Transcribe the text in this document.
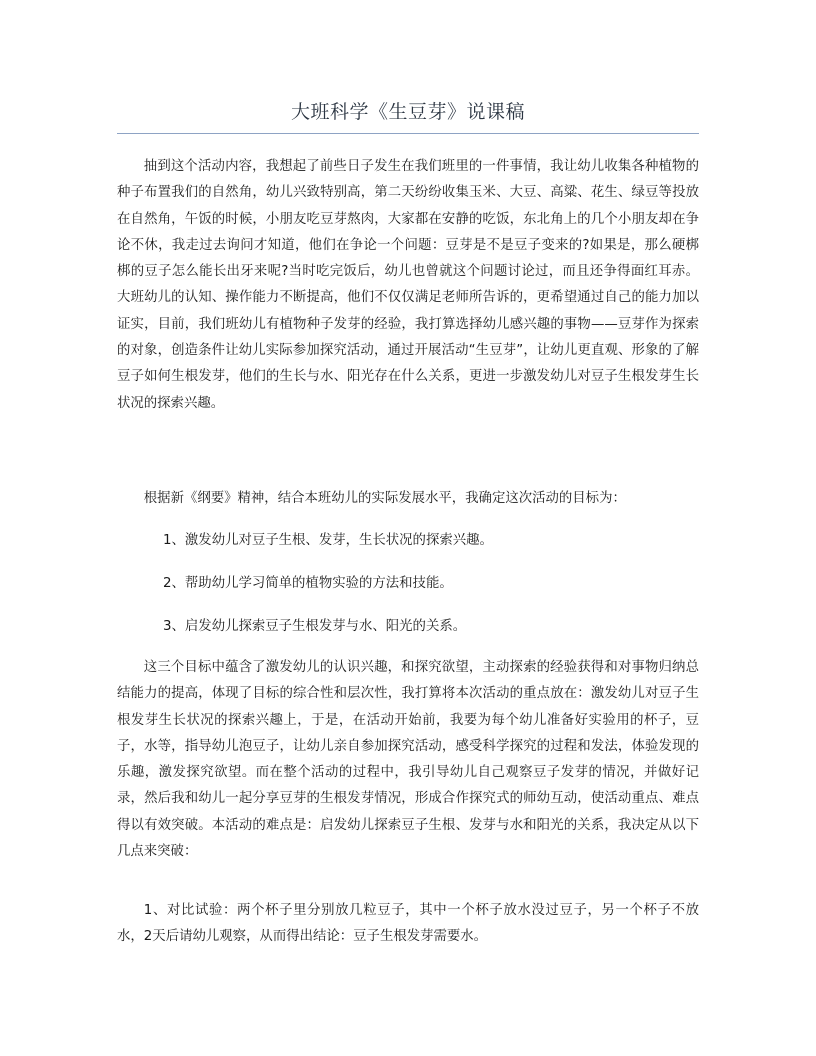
大班科学《生豆芽》说课稿

抽到这个活动内容，我想起了前些日子发生在我们班里的一件事情，我让幼儿收集各种植物的种子布置我们的自然角，幼儿兴致特别高，第二天纷纷收集玉米、大豆、高粱、花生、绿豆等投放在自然角，午饭的时候，小朋友吃豆芽熬肉，大家都在安静的吃饭，东北角上的几个小朋友却在争论不休，我走过去询问才知道，他们在争论一个问题：豆芽是不是豆子变来的?如果是，那么硬梆梆的豆子怎么能长出牙来呢?当时吃完饭后，幼儿也曾就这个问题讨论过，而且还争得面红耳赤。大班幼儿的认知、操作能力不断提高，他们不仅仅满足老师所告诉的，更希望通过自己的能力加以证实，目前，我们班幼儿有植物种子发芽的经验，我打算选择幼儿感兴趣的事物——豆芽作为探索的对象，创造条件让幼儿实际参加探究活动，通过开展活动“生豆芽”，让幼儿更直观、形象的了解豆子如何生根发芽，他们的生长与水、阳光存在什么关系，更进一步激发幼儿对豆子生根发芽生长状况的探索兴趣。

根据新《纲要》精神，结合本班幼儿的实际发展水平，我确定这次活动的目标为：

1、激发幼儿对豆子生根、发芽，生长状况的探索兴趣。

2、帮助幼儿学习简单的植物实验的方法和技能。

3、启发幼儿探索豆子生根发芽与水、阳光的关系。

这三个目标中蕴含了激发幼儿的认识兴趣，和探究欲望，主动探索的经验获得和对事物归纳总结能力的提高，体现了目标的综合性和层次性，我打算将本次活动的重点放在：激发幼儿对豆子生根发芽生长状况的探索兴趣上，于是，在活动开始前，我要为每个幼儿准备好实验用的杯子，豆子，水等，指导幼儿泡豆子，让幼儿亲自参加探究活动，感受科学探究的过程和发法，体验发现的乐趣，激发探究欲望。而在整个活动的过程中，我引导幼儿自己观察豆子发芽的情况，并做好记录，然后我和幼儿一起分享豆芽的生根发芽情况，形成合作探究式的师幼互动，使活动重点、难点得以有效突破。本活动的难点是：启发幼儿探索豆子生根、发芽与水和阳光的关系，我决定从以下几点来突破：

1、对比试验：两个杯子里分别放几粒豆子，其中一个杯子放水没过豆子，另一个杯子不放水，2天后请幼儿观察，从而得出结论：豆子生根发芽需要水。
